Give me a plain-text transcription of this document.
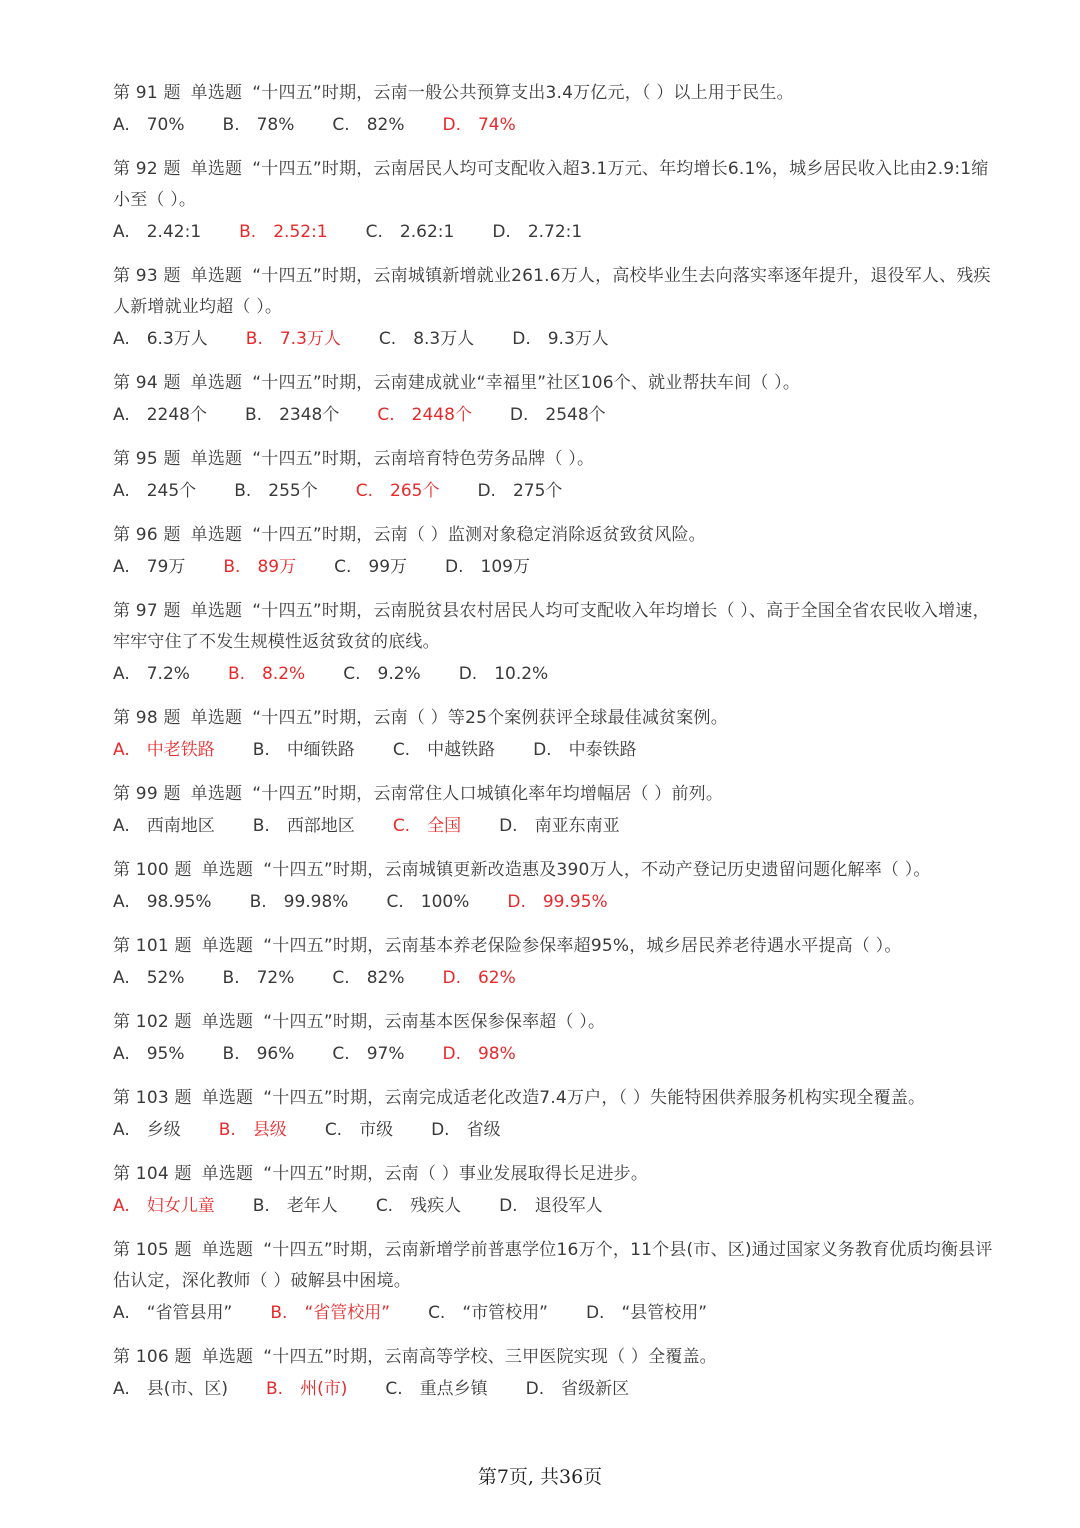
第 91 题 单选题 “十四五”时期，云南一般公共预算支出3.4万亿元，（ ）以上用于民生。

A. 70% B. 78% C. 82% D. 74%

第 92 题 单选题 “十四五”时期，云南居民人均可支配收入超3.1万元、年均增长6.1%，城乡居民收入比由2.9:1缩小至（ ）。

A. 2.42:1 B. 2.52:1 C. 2.62:1 D. 2.72:1

第 93 题 单选题 “十四五”时期，云南城镇新增就业261.6万人，高校毕业生去向落实率逐年提升，退役军人、残疾人新增就业均超（ ）。

A. 6.3万人 B. 7.3万人 C. 8.3万人 D. 9.3万人

第 94 题 单选题 “十四五”时期，云南建成就业“幸福里”社区106个、就业帮扶车间（ ）。

A. 2248个 B. 2348个 C. 2448个 D. 2548个

第 95 题 单选题 “十四五”时期，云南培育特色劳务品牌（ ）。

A. 245个 B. 255个 C. 265个 D. 275个

第 96 题 单选题 “十四五”时期，云南（ ）监测对象稳定消除返贫致贫风险。

A. 79万 B. 89万 C. 99万 D. 109万

第 97 题 单选题 “十四五”时期，云南脱贫县农村居民人均可支配收入年均增长（ ）、高于全国全省农民收入增速，牢牢守住了不发生规模性返贫致贫的底线。

A. 7.2% B. 8.2% C. 9.2% D. 10.2%

第 98 题 单选题 “十四五”时期，云南（ ）等25个案例获评全球最佳减贫案例。

A. 中老铁路 B. 中缅铁路 C. 中越铁路 D. 中泰铁路

第 99 题 单选题 “十四五”时期，云南常住人口城镇化率年均增幅居（ ）前列。

A. 西南地区 B. 西部地区 C. 全国 D. 南亚东南亚

第 100 题 单选题 “十四五”时期，云南城镇更新改造惠及390万人，不动产登记历史遗留问题化解率（ ）。

A. 98.95% B. 99.98% C. 100% D. 99.95%

第 101 题 单选题 “十四五”时期，云南基本养老保险参保率超95%，城乡居民养老待遇水平提高（ ）。

A. 52% B. 72% C. 82% D. 62%

第 102 题 单选题 “十四五”时期，云南基本医保参保率超（ ）。

A. 95% B. 96% C. 97% D. 98%

第 103 题 单选题 “十四五”时期，云南完成适老化改造7.4万户，（ ）失能特困供养服务机构实现全覆盖。

A. 乡级 B. 县级 C. 市级 D. 省级

第 104 题 单选题 “十四五”时期，云南（ ）事业发展取得长足进步。

A. 妇女儿童 B. 老年人 C. 残疾人 D. 退役军人

第 105 题 单选题 “十四五”时期，云南新增学前普惠学位16万个，11个县(市、区)通过国家义务教育优质均衡县评估认定，深化教师（ ）破解县中困境。

A. “省管县用” B. “省管校用” C. “市管校用” D. “县管校用”

第 106 题 单选题 “十四五”时期，云南高等学校、三甲医院实现（ ）全覆盖。

A. 县(市、区) B. 州(市) C. 重点乡镇 D. 省级新区
第7页, 共36页
